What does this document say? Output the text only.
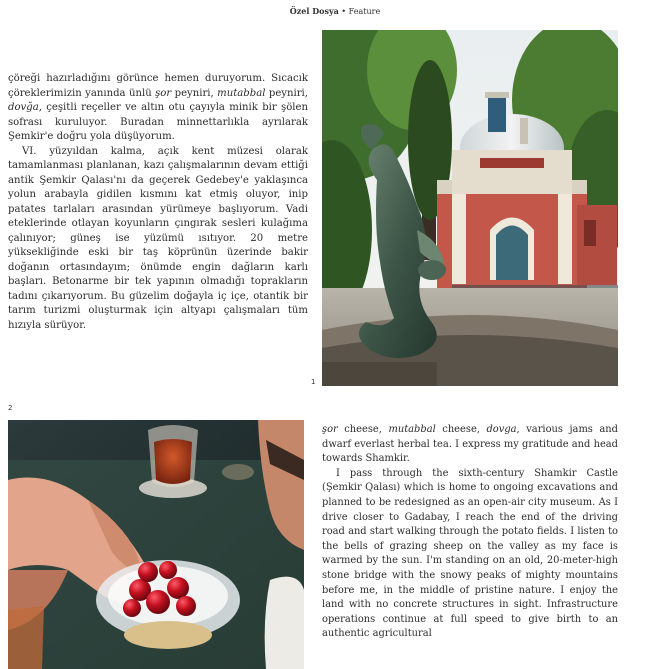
Özel Dosya • Feature

çöreği hazırladığını görünce hemen duruyorum. Sıcacık çöreklerimizin yanında ünlü şor peyniri, mutabbal peyniri, dovğa, çeşitli reçeller ve altın otu çayıyla minik bir şölen sofrası kuruluyor. Buradan minnettarlıkla ayrılarak Şemkir'e doğru yola düşüyorum.

VI. yüzyıldan kalma, açık kent müzesi olarak tamamlanması planlanan, kazı çalışmalarının devam ettiği antik Şemkir Qalası'nı da geçerek Gedebey'e yaklaşınca yolun arabayla gidilen kısmını kat etmiş oluyor, inip patates tarlaları arasından yürümeye başlıyorum. Vadi eteklerinde otlayan koyunların çıngırak sesleri kulağıma çalınıyor; güneş ise yüzümü ısıtıyor. 20 metre yüksekliğinde eski bir taş köprünün üzerinde bakir doğanın ortasındayım; önümde engin dağların karlı başları. Betonarme bir tek yapının olmadığı toprakların tadını çıkarıyorum. Bu güzelim doğayla iç içe, otantik bir tarım turizmi oluşturmak için altyapı çalışmaları tüm hızıyla sürüyor.

1
2

şor cheese, mutabbal cheese, dovga, various jams and dwarf everlast herbal tea. I express my gratitude and head towards Shamkir.

I pass through the sixth-century Shamkir Castle (Şemkir Qalası) which is home to ongoing excavations and planned to be redesigned as an open-air city museum. As I drive closer to Gadabay, I reach the end of the driving road and start walking through the potato fields. I listen to the bells of grazing sheep on the valley as my face is warmed by the sun. I'm standing on an old, 20-meter-high stone bridge with the snowy peaks of mighty mountains before me, in the middle of pristine nature. I enjoy the land with no concrete structures in sight. Infrastructure operations continue at full speed to give birth to an authentic agricultural
